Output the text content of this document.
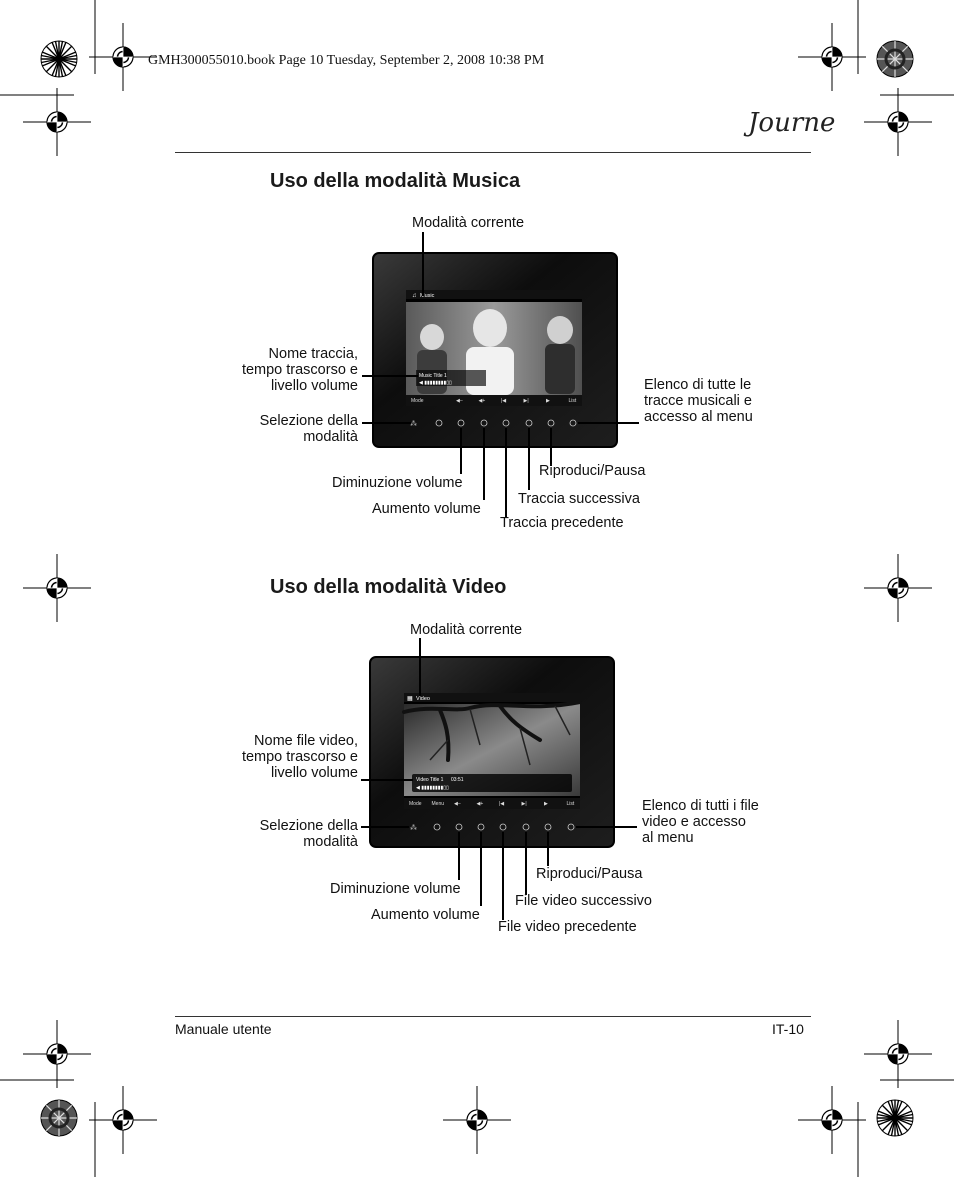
GMH300055010.book Page 10 Tuesday, September 2, 2008 10:38 PM
Journe
Uso della modalità Musica
♫ Music
Music Title 1
◀ ▮▮▮▮▮▮▮▮▯▯
Mode	◀–	◀+	|◀	▶|	▶	List
⁂
Modalità corrente
Nome traccia,
tempo trascorso e
livello volume
Selezione della
modalità
Elenco di tutte le
tracce musicali e
accesso al menu
Riproduci/Pausa
Diminuzione volume
Traccia successiva
Aumento volume
Traccia precedente
Uso della modalità Video
▦ Video
Video Title 1 03:51
◀ ▮▮▮▮▮▮▮▮▯▯
Mode Menu ◀–	◀+	|◀	▶|	▶	List
⁂
Modalità corrente
Nome file video,
tempo trascorso e
livello volume
Selezione della
modalità
Elenco di tutti i file
video e accesso
al menu
Riproduci/Pausa
Diminuzione volume
File video successivo
Aumento volume
File video precedente
Manuale utente	IT-10
